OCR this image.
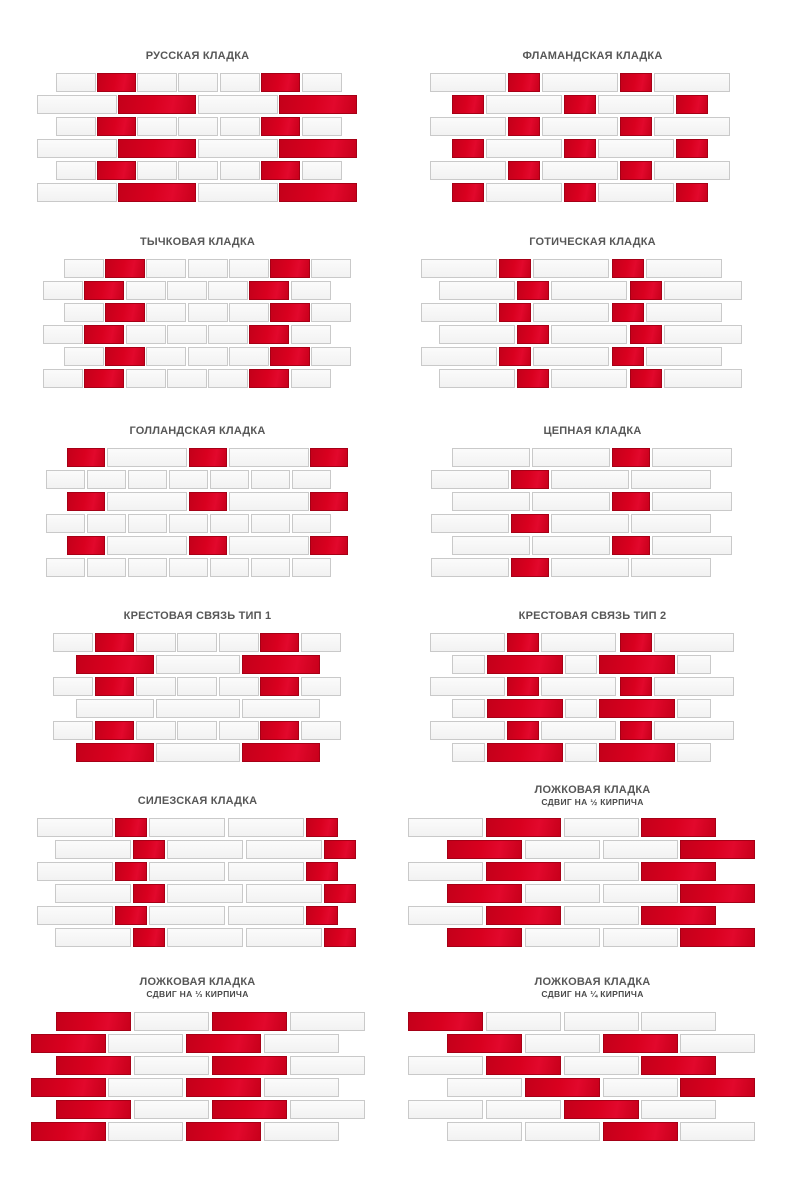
РУССКАЯ КЛАДКА	ФЛАМАНДСКАЯ КЛАДКА
ТЫЧКОВАЯ КЛАДКА	ГОТИЧЕСКАЯ КЛАДКА
ГОЛЛАНДСКАЯ КЛАДКА	ЦЕПНАЯ КЛАДКА
КРЕСТОВАЯ СВЯЗЬ ТИП 1	КРЕСТОВАЯ СВЯЗЬ ТИП 2
СИЛЕЗСКАЯ КЛАДКА
ЛОЖКОВАЯ КЛАДКА
СДВИГ НА ½ КИРПИЧА
ЛОЖКОВАЯ КЛАДКА
СДВИГ НА ⅓ КИРПИЧА
ЛОЖКОВАЯ КЛАДКА
СДВИГ НА ¼ КИРПИЧА
